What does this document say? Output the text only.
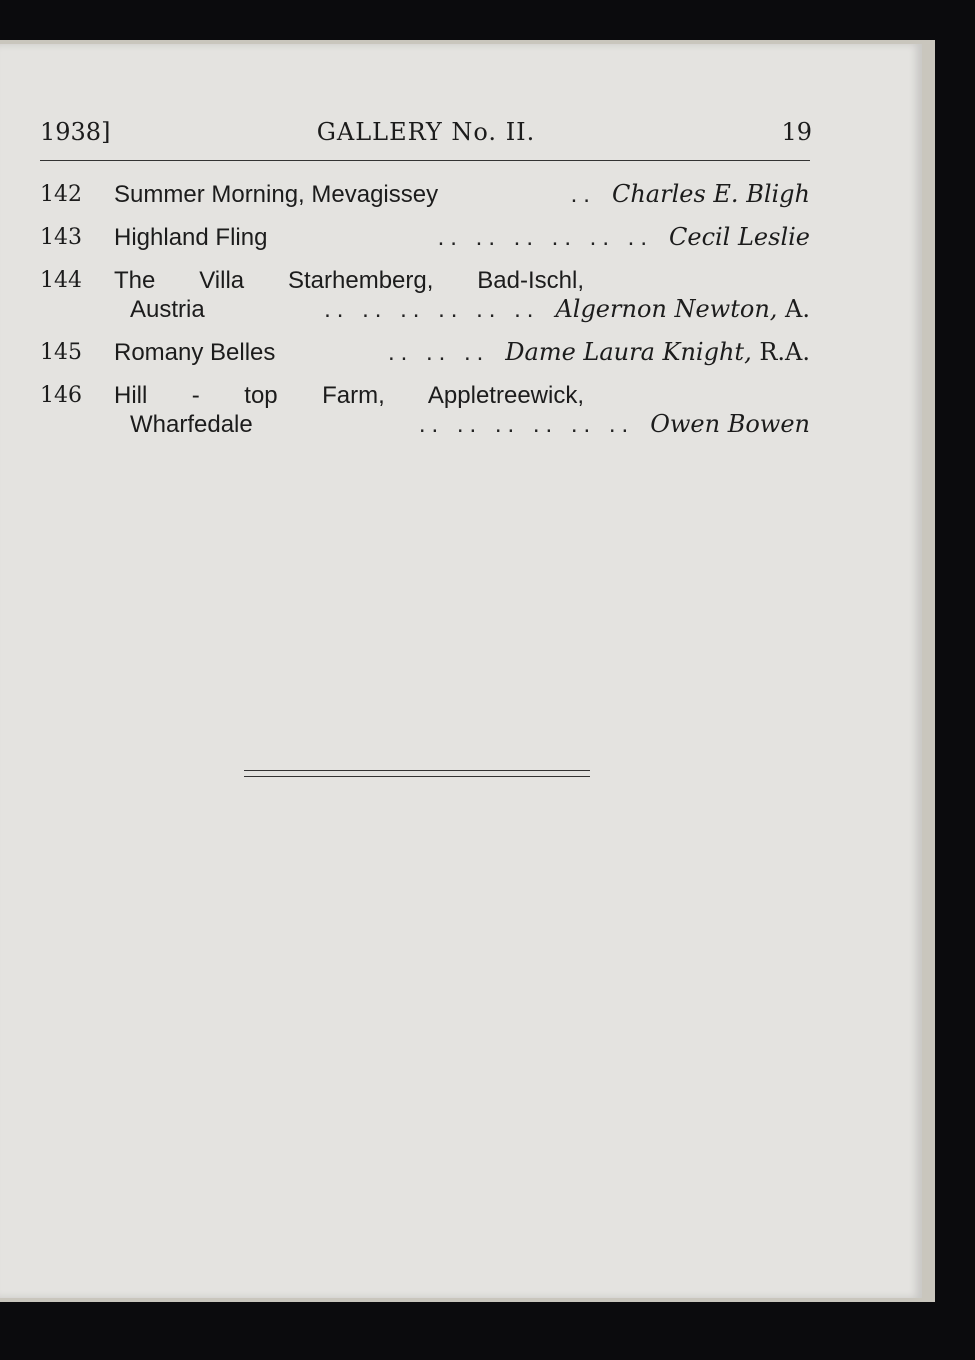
1938]	GALLERY No. II.	19
142	Summer Morning, Mevagissey	.. Charles E. Bligh
143	Highland Fling	.. .. .. .. .. .. Cecil Leslie
144	The Villa Starhemberg, Bad-Ischl,
Austria	.. .. .. .. .. .. Algernon Newton, A.
145	Romany Belles	.. .. .. Dame Laura Knight, R.A.
146	Hill - top Farm, Appletreewick,
Wharfedale	.. .. .. .. .. .. Owen Bowen
